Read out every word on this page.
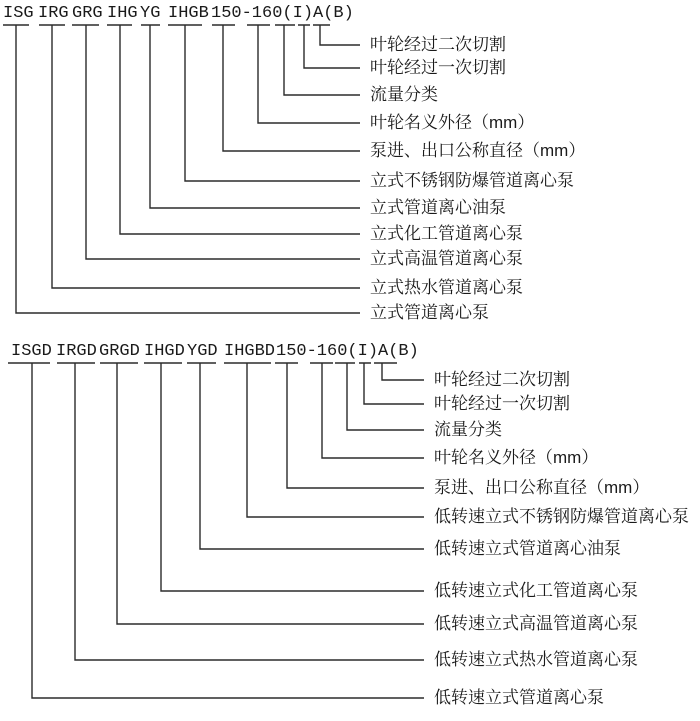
ISG IRG GRG IHG YG IHGB 150-160(I)A(B)
叶轮经过二次切割
叶轮经过一次切割
流量分类
叶轮名义外径（mm）
泵进、出口公称直径（mm）
立式不锈钢防爆管道离心泵
立式管道离心油泵
立式化工管道离心泵
立式高温管道离心泵
立式热水管道离心泵
立式管道离心泵
ISGD IRGD GRGD IHGD YGD IHGBD 150-160(I)A(B)
叶轮经过二次切割
叶轮经过一次切割
流量分类
叶轮名义外径（mm）
泵进、出口公称直径（mm）
低转速立式不锈钢防爆管道离心泵
低转速立式管道离心油泵
低转速立式化工管道离心泵
低转速立式高温管道离心泵
低转速立式热水管道离心泵
低转速立式管道离心泵
